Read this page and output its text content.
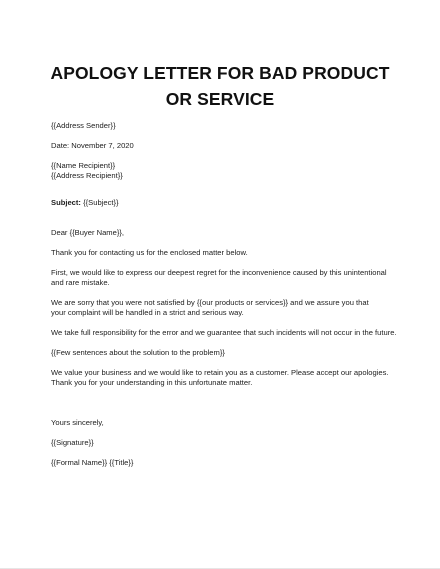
APOLOGY LETTER FOR BAD PRODUCT OR SERVICE

{{Address Sender}}

Date: November 7, 2020

{{Name Recipient}}

{{Address Recipient}}

Subject: {{Subject}}

Dear {{Buyer Name}},

Thank you for contacting us for the enclosed matter below.

First, we would like to express our deepest regret for the inconvenience caused by this unintentional and rare mistake.

We are sorry that you were not satisfied by {{our products or services}} and we assure you that your complaint will be handled in a strict and serious way.

We take full responsibility for the error and we guarantee that such incidents will not occur in the future.

{{Few sentences about the solution to the problem}}

We value your business and we would like to retain you as a customer. Please accept our apologies.

Thank you for your understanding in this unfortunate matter.

Yours sincerely,

{{Signature}}

{{Formal Name}} {{Title}}
